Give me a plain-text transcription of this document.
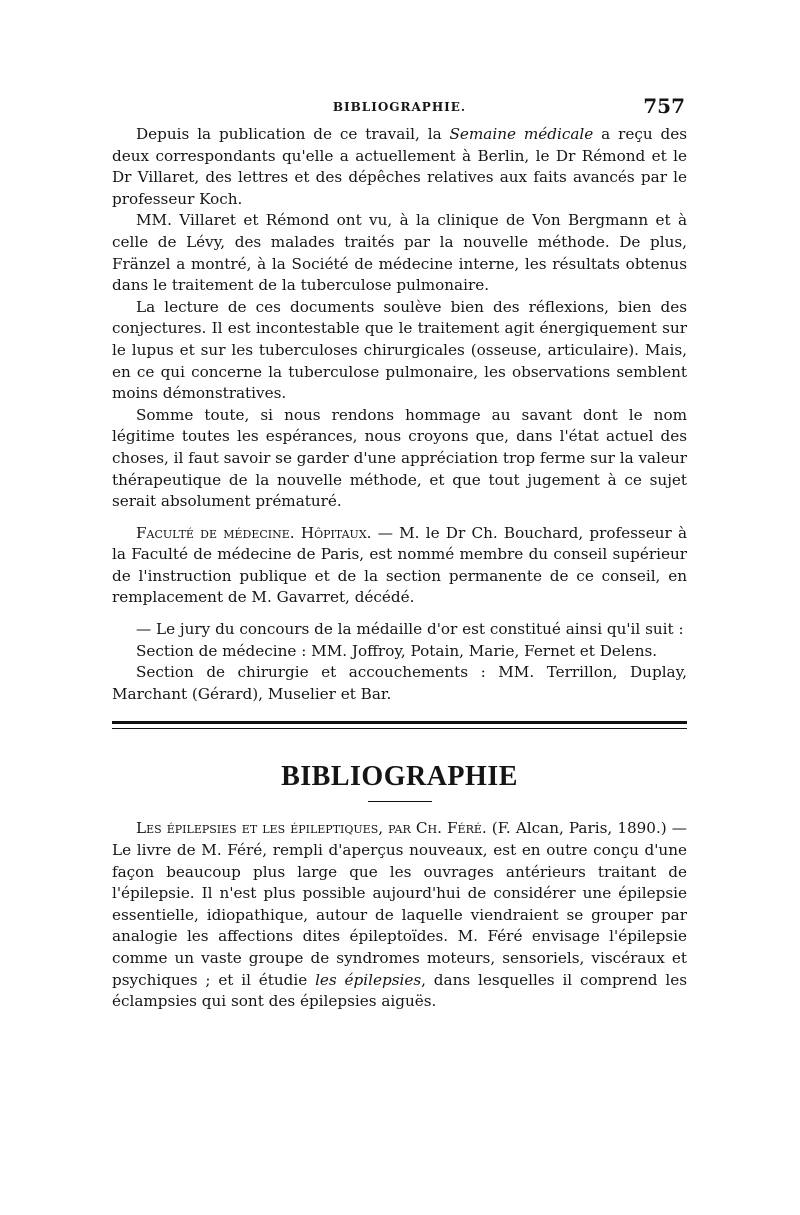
BIBLIOGRAPHIE.	757

Depuis la publication de ce travail, la Semaine médicale a reçu des deux correspondants qu'elle a actuellement à Berlin, le Dr Rémond et le Dr Villaret, des lettres et des dépêches relatives aux faits avancés par le professeur Koch.

MM. Villaret et Rémond ont vu, à la clinique de Von Bergmann et à celle de Lévy, des malades traités par la nouvelle méthode. De plus, Fränzel a montré, à la Société de médecine interne, les résultats obtenus dans le traitement de la tuberculose pulmonaire.

La lecture de ces documents soulève bien des réflexions, bien des conjectures. Il est incontestable que le traitement agit énergiquement sur le lupus et sur les tuberculoses chirurgicales (osseuse, articulaire). Mais, en ce qui concerne la tuberculose pulmonaire, les observations semblent moins démonstratives.

Somme toute, si nous rendons hommage au savant dont le nom légitime toutes les espérances, nous croyons que, dans l'état actuel des choses, il faut savoir se garder d'une appréciation trop ferme sur la valeur thérapeutique de la nouvelle méthode, et que tout jugement à ce sujet serait absolument prématuré.

Faculté de médecine. Hôpitaux. — M. le Dr Ch. Bouchard, professeur à la Faculté de médecine de Paris, est nommé membre du conseil supérieur de l'instruction publique et de la section permanente de ce conseil, en remplacement de M. Gavarret, décédé.

— Le jury du concours de la médaille d'or est constitué ainsi qu'il suit :

Section de médecine : MM. Joffroy, Potain, Marie, Fernet et Delens.

Section de chirurgie et accouchements : MM. Terrillon, Duplay, Marchant (Gérard), Muselier et Bar.

BIBLIOGRAPHIE

Les épilepsies et les épileptiques, par Ch. Féré. (F. Alcan, Paris, 1890.) — Le livre de M. Féré, rempli d'aperçus nouveaux, est en outre conçu d'une façon beaucoup plus large que les ouvrages antérieurs traitant de l'épilepsie. Il n'est plus possible aujourd'hui de considérer une épilepsie essentielle, idiopathique, autour de laquelle viendraient se grouper par analogie les affections dites épileptoïdes. M. Féré envisage l'épilepsie comme un vaste groupe de syndromes moteurs, sensoriels, viscéraux et psychiques ; et il étudie les épilepsies, dans lesquelles il comprend les éclampsies qui sont des épilepsies aiguës.
